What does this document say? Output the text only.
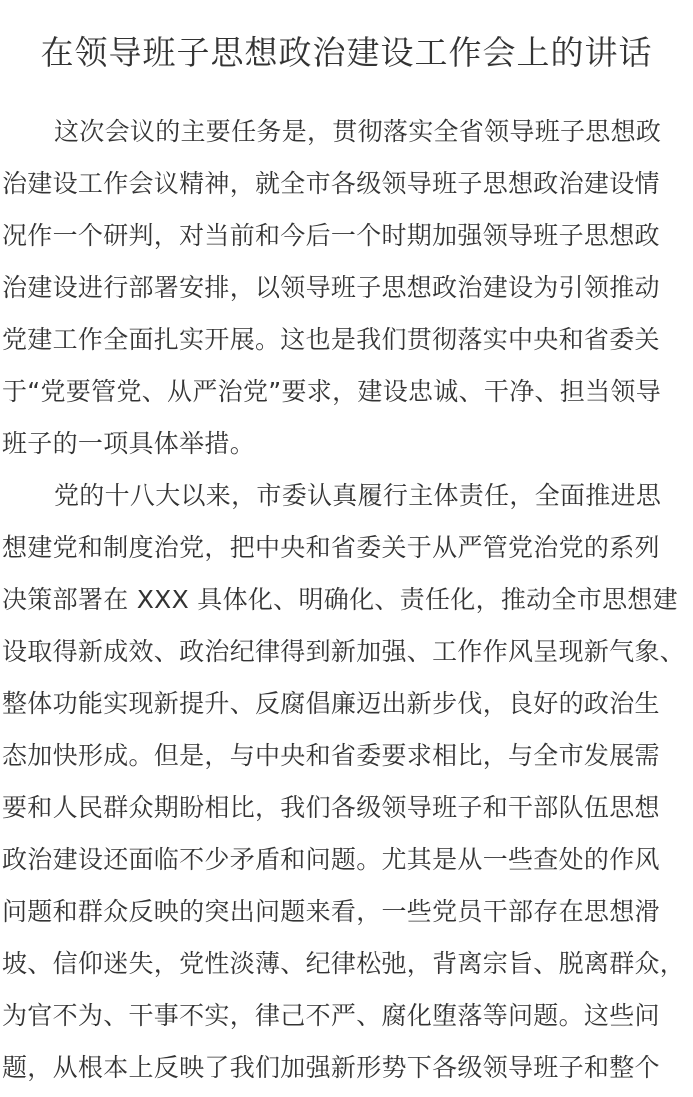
在领导班子思想政治建设工作会上的讲话
这次会议的主要任务是，贯彻落实全省领导班子思想政
治建设工作会议精神，就全市各级领导班子思想政治建设情
况作一个研判，对当前和今后一个时期加强领导班子思想政
治建设进行部署安排，以领导班子思想政治建设为引领推动
党建工作全面扎实开展。这也是我们贯彻落实中央和省委关
于“党要管党、从严治党”要求，建设忠诚、干净、担当领导
班子的一项具体举措。
党的十八大以来，市委认真履行主体责任，全面推进思
想建党和制度治党，把中央和省委关于从严管党治党的系列
决策部署在 XXX 具体化、明确化、责任化，推动全市思想建
设取得新成效、政治纪律得到新加强、工作作风呈现新气象、
整体功能实现新提升、反腐倡廉迈出新步伐，良好的政治生
态加快形成。但是，与中央和省委要求相比，与全市发展需
要和人民群众期盼相比，我们各级领导班子和干部队伍思想
政治建设还面临不少矛盾和问题。尤其是从一些查处的作风
问题和群众反映的突出问题来看，一些党员干部存在思想滑
坡、信仰迷失，党性淡薄、纪律松弛，背离宗旨、脱离群众，
为官不为、干事不实，律己不严、腐化堕落等问题。这些问
题，从根本上反映了我们加强新形势下各级领导班子和整个
